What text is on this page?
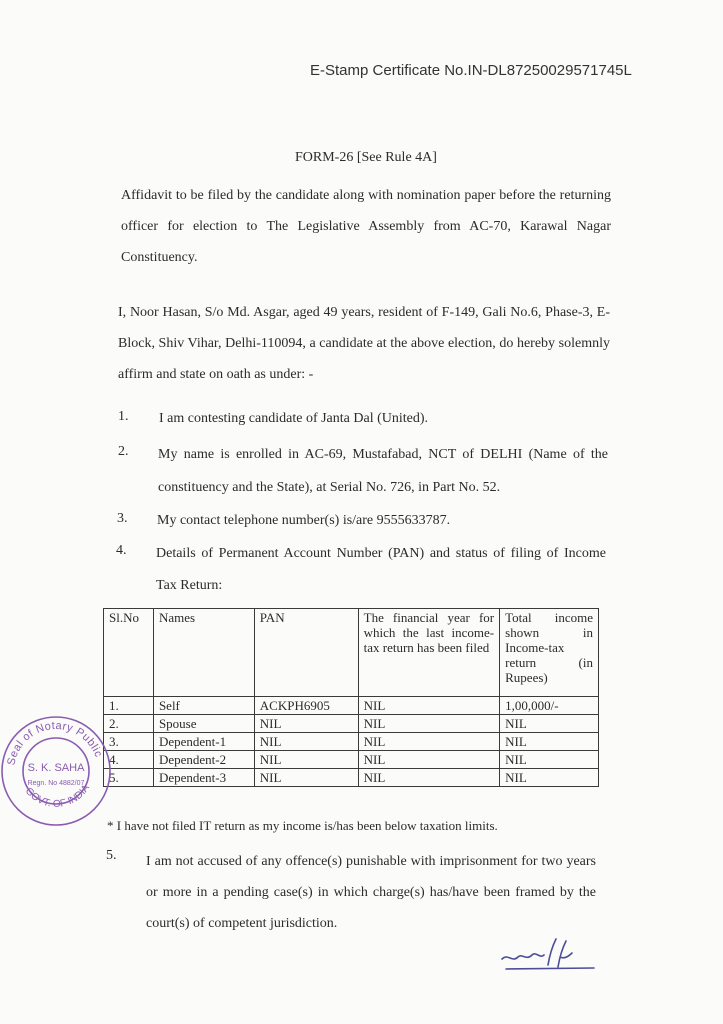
E-Stamp Certificate No.IN-DL87250029571745L
FORM-26 [See Rule 4A]
Affidavit to be filed by the candidate along with nomination paper before the returning officer for election to The Legislative Assembly from AC-70, Karawal Nagar Constituency.
I, Noor Hasan, S/o Md. Asgar, aged 49 years, resident of F-149, Gali No.6, Phase-3, E-Block, Shiv Vihar, Delhi-110094, a candidate at the above election, do hereby solemnly affirm and state on oath as under: -
1. I am contesting candidate of Janta Dal (United).
2. My name is enrolled in AC-69, Mustafabad, NCT of DELHI (Name of the constituency and the State), at Serial No. 726, in Part No. 52.
3. My contact telephone number(s) is/are 9555633787.
4. Details of Permanent Account Number (PAN) and status of filing of Income Tax Return:
Sl.No	Names	PAN	The financial year for which the last income-tax return has been filed	Total income shown in Income-tax return (in Rupees)
1.	Self	ACKPH6905	NIL	1,00,000/-
2.	Spouse	NIL	NIL	NIL
3.	Dependent-1	NIL	NIL	NIL
4.	Dependent-2	NIL	NIL	NIL
5.	Dependent-3	NIL	NIL	NIL
* I have not filed IT return as my income is/has been below taxation limits.
5. I am not accused of any offence(s) punishable with imprisonment for two years or more in a pending case(s) in which charge(s) has/have been framed by the court(s) of competent jurisdiction.
Seal of Notary Public
GOVT. OF INDIA
S. K. SAHA
Regn. No 4882/07
